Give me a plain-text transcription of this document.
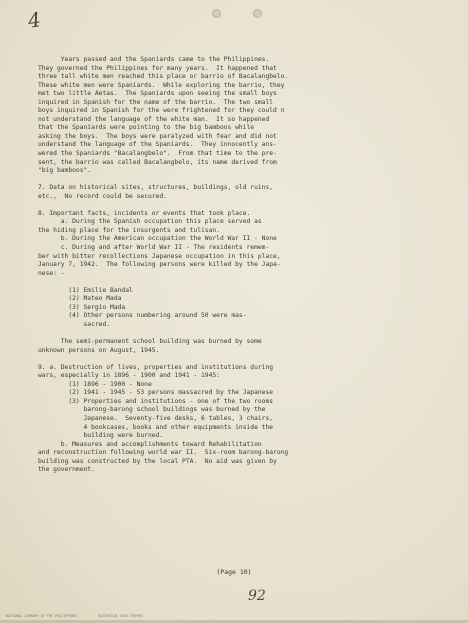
4
Years passed and the Spaniards came to the Philippines.
They governed the Philippines for many years.  It happened that
three tall white men reached this place or barrio of Bacalangbelo.
These white men were Spaniards.  While exploring the barrio, they
met two little Aetas.  The Spaniards upon seeing the small boys
inquired in Spanish for the name of the barrio.  The two small
boys inquired in Spanish for the were frightened for they could n
not understand the language of the white man.  It so happened
that the Spaniards were pointing to the big bamboos while
asking the boys.  The boys were paralyzed with fear and did not
understand the language of the Spaniards.  They innocently ans-
wered the Spaniards "Bacalangbelo".  From that time to the pre-
sent, the barrio was called Bacalangbelo, its name derived from
"big bamboos".
7. Data on historical sites, structures, buildings, old ruins,
etc.,  No record could be secured.
8. Important facts, incidents or events that took place.
a. During the Spanish occupation this place served as
the hiding place for the insurgents and tulisan.
b. During the American occupation the World War II - None
c. During and after World War II - The residents remem-
ber with bitter recollections Japanese occupation in this place,
January 7, 1942.  The following persons were killed by the Japa-
nese: -
(1) Emilie Bandal
(2) Mateo Mada
(3) Sergio Mada
(4) Other persons numbering around 50 were mas-
sacred.
The semi-permanent school building was burned by some
unknown persons on August, 1945.
9. a. Destruction of lives, properties and institutions during
wars, especially in 1896 - 1900 and 1941 - 1945:
(1) 1896 - 1900 - None
(2) 1941 - 1945 - 53 persons massacred by the Japanese
(3) Properties and institutions - one of the two rooms
barong-barong school buildings was burned by the
Japanese.  Seventy-five desks, 6 tables, 3 chairs,
4 bookcases, books and other equipments inside the
building were burned.
b. Measures and accomplishments toward Rehabilitation
and reconstruction following world war II.  Six-room barong-barong
building was constructed by the local PTA.  No aid was given by
the government.
(Page 10)
92
NATIONAL LIBRARY OF THE PHILIPPINES          HISTORICAL DATA PAPERS
